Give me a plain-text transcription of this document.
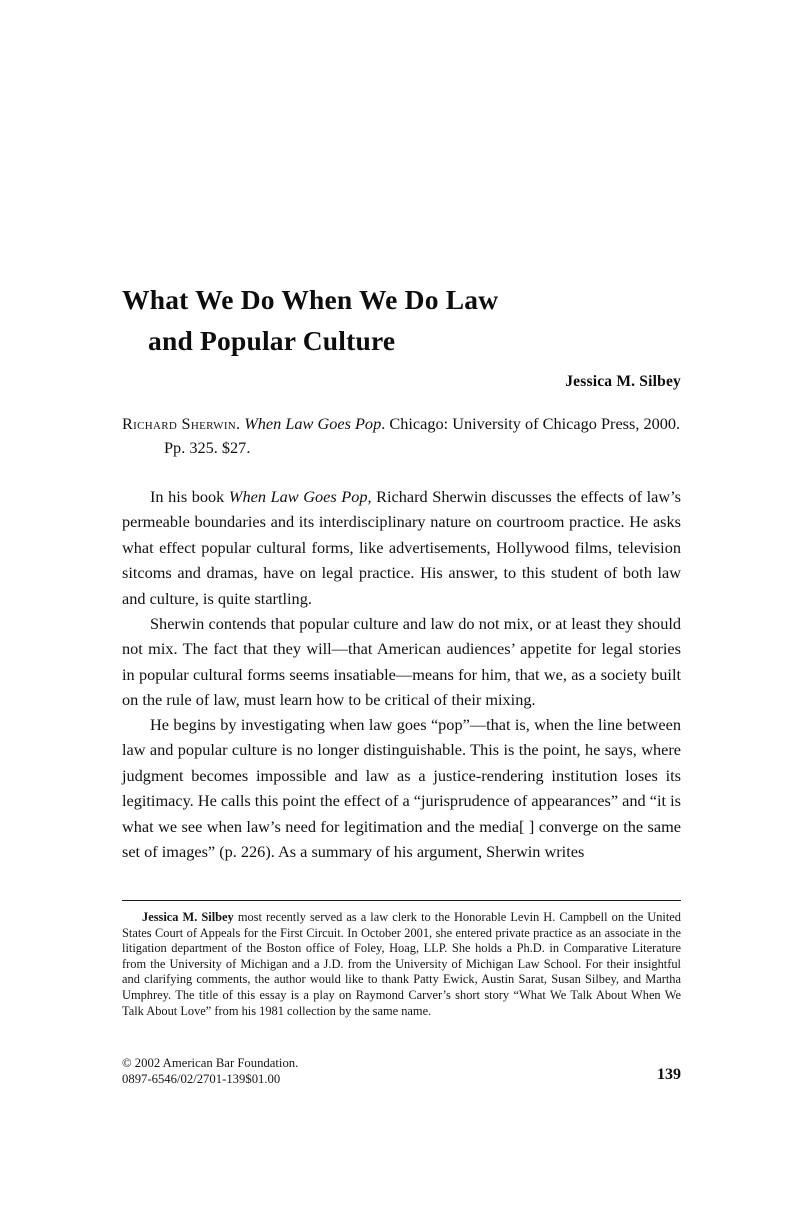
What We Do When We Do Law
and Popular Culture

Jessica M. Silbey

Richard Sherwin. When Law Goes Pop. Chicago: University of Chicago Press, 2000. Pp. 325. $27.

In his book When Law Goes Pop, Richard Sherwin discusses the effects of law’s permeable boundaries and its interdisciplinary nature on courtroom practice. He asks what effect popular cultural forms, like advertisements, Hollywood films, television sitcoms and dramas, have on legal practice. His answer, to this student of both law and culture, is quite startling.

Sherwin contends that popular culture and law do not mix, or at least they should not mix. The fact that they will—that American audiences’ appetite for legal stories in popular cultural forms seems insatiable—means for him, that we, as a society built on the rule of law, must learn how to be critical of their mixing.

He begins by investigating when law goes “pop”—that is, when the line between law and popular culture is no longer distinguishable. This is the point, he says, where judgment becomes impossible and law as a justice-rendering institution loses its legitimacy. He calls this point the effect of a “jurisprudence of appearances” and “it is what we see when law’s need for legitimation and the media[ ] converge on the same set of images” (p. 226). As a summary of his argument, Sherwin writes

Jessica M. Silbey most recently served as a law clerk to the Honorable Levin H. Campbell on the United States Court of Appeals for the First Circuit. In October 2001, she entered private practice as an associate in the litigation department of the Boston office of Foley, Hoag, LLP. She holds a Ph.D. in Comparative Literature from the University of Michigan and a J.D. from the University of Michigan Law School. For their insightful and clarifying comments, the author would like to thank Patty Ewick, Austin Sarat, Susan Silbey, and Martha Umphrey. The title of this essay is a play on Raymond Carver’s short story “What We Talk About When We Talk About Love” from his 1981 collection by the same name.

© 2002 American Bar Foundation.

0897-6546/02/2701-139$01.00	139
